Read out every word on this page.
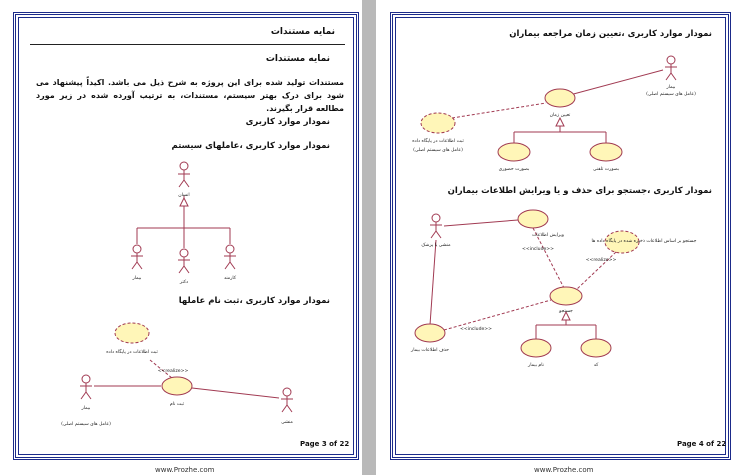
نمایه مستندات
نمایه مستندات
مستندات تولید شده برای این پروژه به شرح ذیل می باشد. اکیداً پیشنهاد می شود برای درک بهتر سیستم، مستندات، به ترتیب آورده شده در زیر مورد مطالعه قرار بگیرند.
نمودار موارد کاربری
نمودار موارد کاربری ،عاملهای سیستم
انسان
بیمار
دکتر
کارمند
ثبت اطلاعات در پایگاه داده
<<realize>>
ثبت نام
بیمار
(عامل های سیستم اصلی)	منشی
نمودار موارد کاربری ،ثبت نام عاملها
Page 3 of 22
www.Prozhe.com
نمودار موارد کاربری ،تعیین زمان مراجعه بیماران
نمودار کاربری ،جستجو برای حذف و یا ویرایش اطلاعات بیماران
بیمار
(عامل های سیستم اصلی)
تعیین زمان
ثبت اطلاعات در پایگاه داده
(عامل های سیستم اصلی)
بصورت حضوری	بصورت تلفنی
منشی یا پزشک
ویرایش اطلاعات
<<include>>
جستجو بر اساس اطلاعات ذخیره شده در پایگاه داده ها
<<realize>>
جستجو
<<include>>
حذف اطلاعات بیمار
نام بیمار	کد
Page 4 of 22
www.Prozhe.com
